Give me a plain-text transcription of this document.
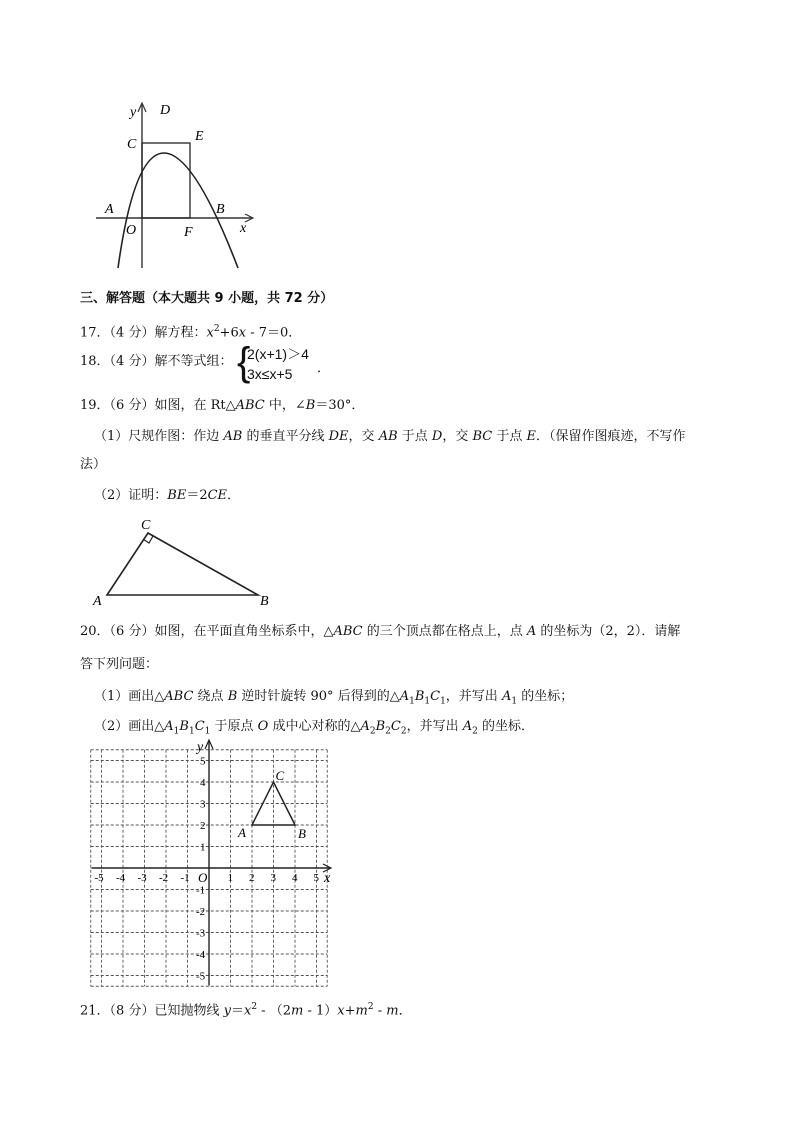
y D
C
E
A	B
O	F	x
三、解答题（本大题共 9 小题，共 72 分）
17．（4 分）解方程：$x^2+6x - 7=0$．
18．（4 分）解不等式组： {
2(x+1)＞4
3x≤x+5 ．
19．（6 分）如图，在 Rt△ABC 中，∠B＝30°．
（1）尺规作图：作边 AB 的垂直平分线 DE，交 AB 于点 D，交 BC 于点 E．（保留作图痕迹，不写作
法）
（2）证明：BE＝2CE．
C
A	B
20．（6 分）如图，在平面直角坐标系中，△ABC 的三个顶点都在格点上，点 A 的坐标为（2，2）．请解
答下列问题：
（1）画出△ABC 绕点 B 逆时针旋转 90° 后得到的$\triangle A_1B_1C_1$，并写出 $A_1$ 的坐标；
（2）画出$\triangle A_1B_1C_1$ 于原点 O 成中心对称的$\triangle A_2B_2C_2$，并写出 $A_2$ 的坐标．
-5 -4 -3 -2 -1	1 2 3 4 5
5
4
3
2
1
-1
-2
-3
-4
-5
y
x
O
A	B
C
21．（8 分）已知抛物线 $y=x^2 - (2m - 1)x+m^2 - m$．
